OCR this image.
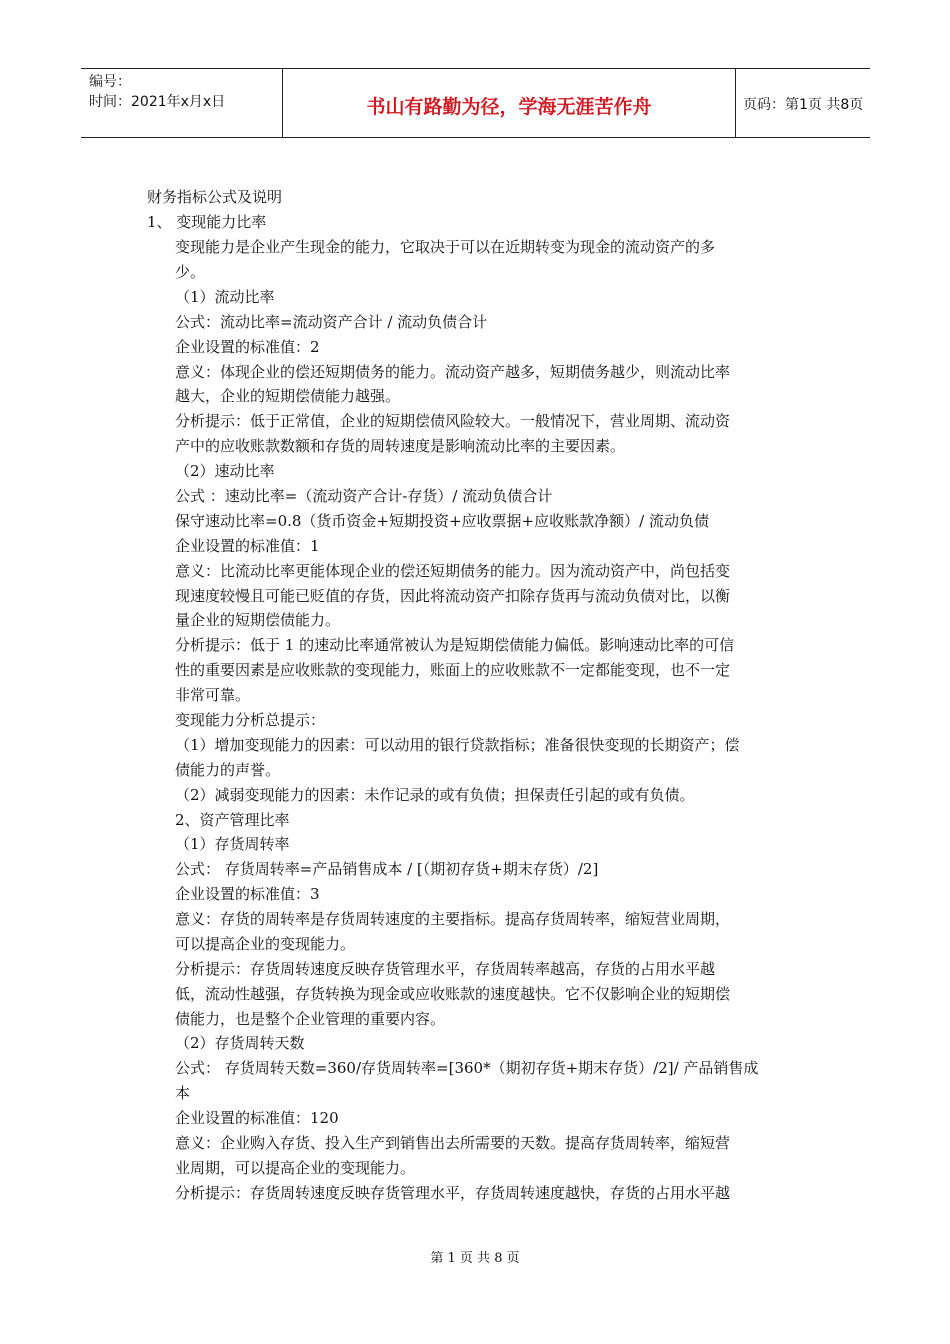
编号：
时间：2021年x月x日	书山有路勤为径，学海无涯苦作舟	页码：第1页 共8页
财务指标公式及说明
1、 变现能力比率
变现能力是企业产生现金的能力，它取决于可以在近期转变为现金的流动资产的多
少。
（1）流动比率
公式：流动比率=流动资产合计 / 流动负债合计
企业设置的标准值：2
意义：体现企业的偿还短期债务的能力。流动资产越多，短期债务越少，则流动比率
越大，企业的短期偿债能力越强。
分析提示：低于正常值，企业的短期偿债风险较大。一般情况下，营业周期、流动资
产中的应收账款数额和存货的周转速度是影响流动比率的主要因素。
（2）速动比率
公式 ：速动比率=（流动资产合计-存货）/ 流动负债合计
保守速动比率=0.8（货币资金+短期投资+应收票据+应收账款净额）/ 流动负债
企业设置的标准值：1
意义：比流动比率更能体现企业的偿还短期债务的能力。因为流动资产中，尚包括变
现速度较慢且可能已贬值的存货，因此将流动资产扣除存货再与流动负债对比，以衡
量企业的短期偿债能力。
分析提示：低于 1 的速动比率通常被认为是短期偿债能力偏低。影响速动比率的可信
性的重要因素是应收账款的变现能力，账面上的应收账款不一定都能变现，也不一定
非常可靠。
变现能力分析总提示：
（1）增加变现能力的因素：可以动用的银行贷款指标；准备很快变现的长期资产；偿
债能力的声誉。
（2）减弱变现能力的因素：未作记录的或有负债；担保责任引起的或有负债。
2、资产管理比率
（1）存货周转率
公式： 存货周转率=产品销售成本 / [（期初存货+期末存货）/2]
企业设置的标准值：3
意义：存货的周转率是存货周转速度的主要指标。提高存货周转率，缩短营业周期，
可以提高企业的变现能力。
分析提示：存货周转速度反映存货管理水平，存货周转率越高，存货的占用水平越
低，流动性越强，存货转换为现金或应收账款的速度越快。它不仅影响企业的短期偿
债能力，也是整个企业管理的重要内容。
（2）存货周转天数
公式： 存货周转天数=360/存货周转率=[360*（期初存货+期末存货）/2]/ 产品销售成
本
企业设置的标准值：120
意义：企业购入存货、投入生产到销售出去所需要的天数。提高存货周转率，缩短营
业周期，可以提高企业的变现能力。
分析提示：存货周转速度反映存货管理水平，存货周转速度越快，存货的占用水平越
第 1 页 共 8 页
